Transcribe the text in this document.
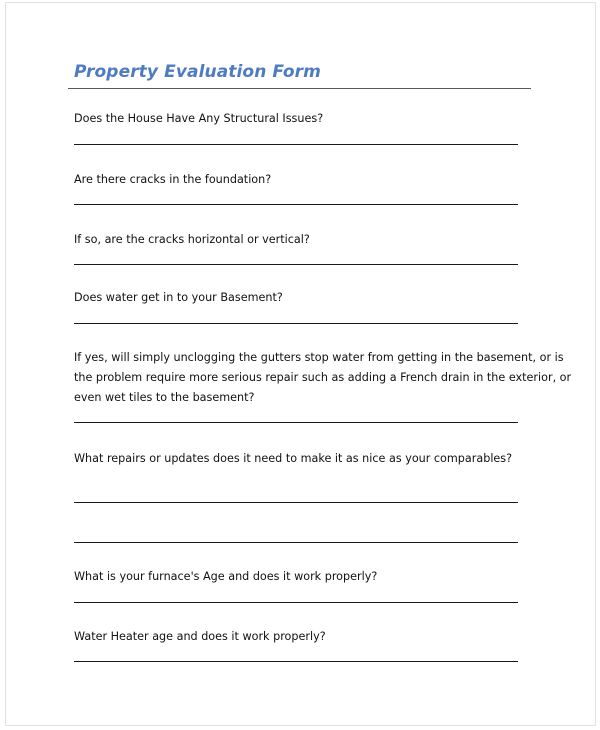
Property Evaluation Form
Does the House Have Any Structural Issues?
Are there cracks in the foundation?
If so, are the cracks horizontal or vertical?
Does water get in to your Basement?
If yes, will simply unclogging the gutters stop water from getting in the basement, or is
the problem require more serious repair such as adding a French drain in the exterior, or
even wet tiles to the basement?
What repairs or updates does it need to make it as nice as your comparables?
What is your furnace's Age and does it work properly?
Water Heater age and does it work properly?
